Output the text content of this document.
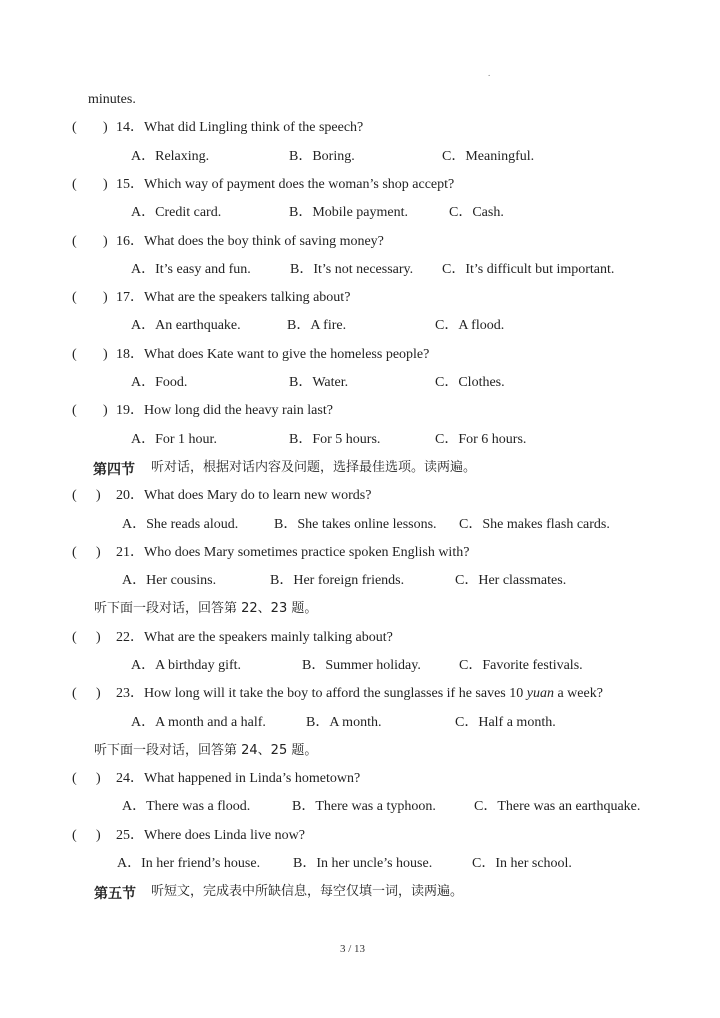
.
minutes.
( ) 14．What did Lingling think of the speech?
A．Relaxing.	B．Boring.	C．Meaningful.
( ) 15．Which way of payment does the woman’s shop accept?
A．Credit card.	B．Mobile payment.	C．Cash.
( ) 16．What does the boy think of saving money?
A．It’s easy and fun.	B．It’s not necessary. C．It’s difficult but important.
( ) 17．What are the speakers talking about?
A．An earthquake.	B．A fire.	C．A flood.
( ) 18．What does Kate want to give the homeless people?
A．Food.	B．Water.	C．Clothes.
( ) 19．How long did the heavy rain last?
A．For 1 hour.	B．For 5 hours.	C．For 6 hours.
第四节 听对话，根据对话内容及问题，选择最佳选项。读两遍。
( ) 20．What does Mary do to learn new words?
A．She reads aloud.	B．She takes online lessons. C．She makes flash cards.
( ) 21．Who does Mary sometimes practice spoken English with?
A．Her cousins.	B．Her foreign friends.	C．Her classmates.
听下面一段对话，回答第 22、23 题。
( ) 22．What are the speakers mainly talking about?
A．A birthday gift.	B．Summer holiday.	C．Favorite festivals.
( ) 23．How long will it take the boy to afford the sunglasses if he saves 10 yuan a week?
A．A month and a half.	B．A month.	C．Half a month.
听下面一段对话，回答第 24、25 题。
( ) 24．What happened in Linda’s hometown?
A．There was a flood.	B．There was a typhoon.	C．There was an earthquake.
( ) 25．Where does Linda live now?
A．In her friend’s house. B．In her uncle’s house.	C．In her school.
第五节 听短文，完成表中所缺信息，每空仅填一词，读两遍。
3 / 13
